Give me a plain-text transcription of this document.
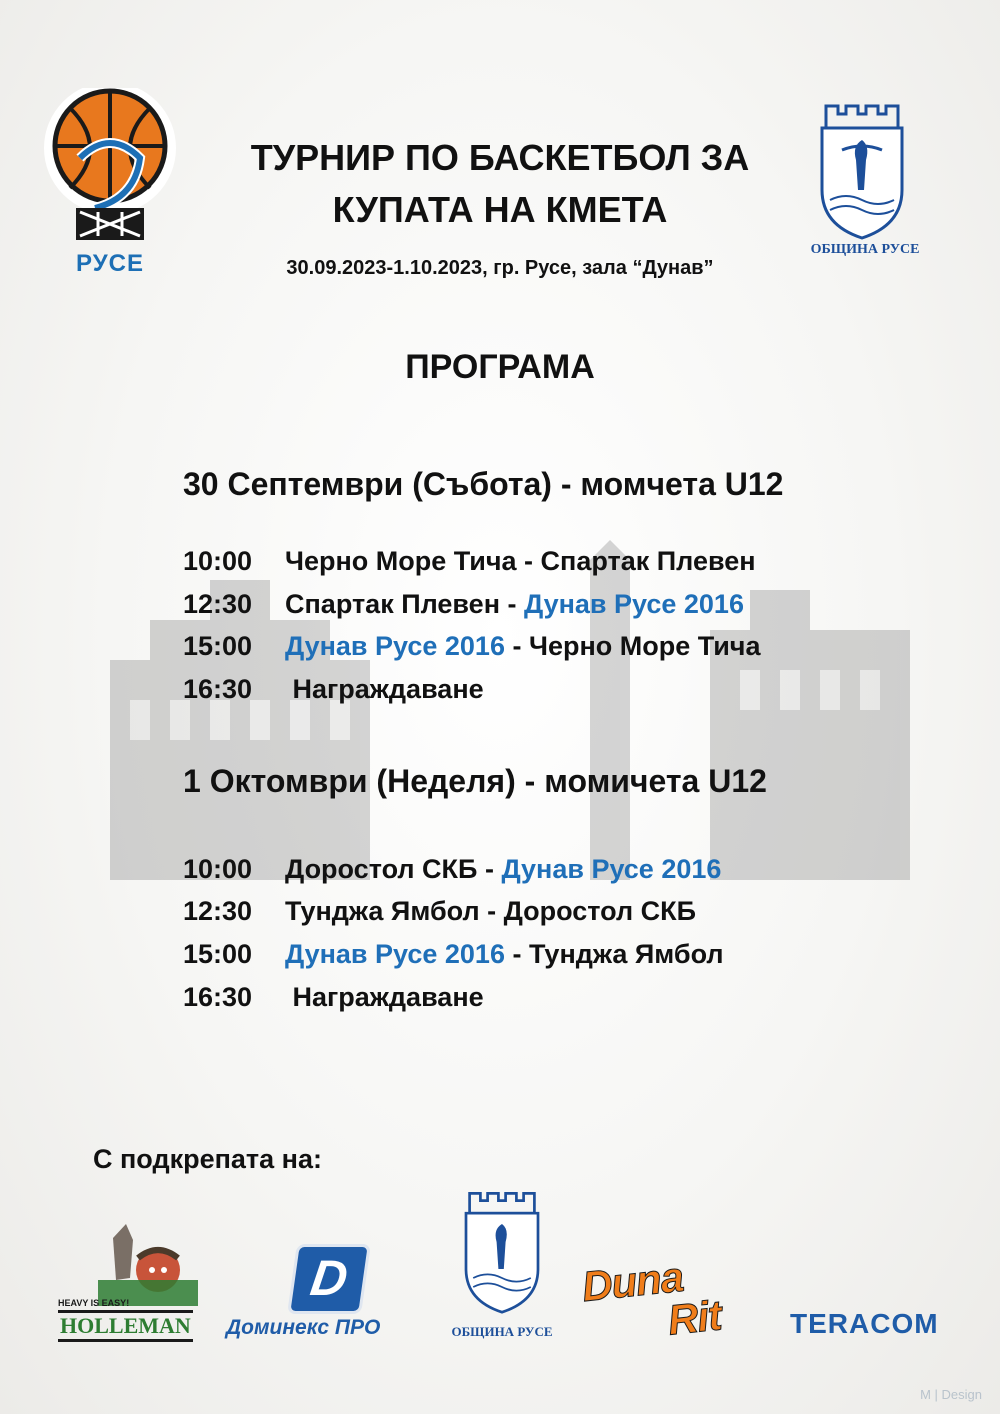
РУСЕ
ОБЩИНА РУСЕ
ТУРНИР ПО БАСКЕТБОЛ ЗА
КУПАТА НА КМЕТА
30.09.2023-1.10.2023, гр. Русе, зала “Дунав”
ПРОГРАМА
30 Септември (Събота) - момчета U12
10:00 Черно Море Тича - Спартак Плевен
12:30 Спартак Плевен - Дунав Русе 2016
15:00 Дунав Русе 2016 - Черно Море Тича
16:30 Награждаване
1 Октомври (Неделя) - момичета U12
10:00 Доростол СКБ - Дунав Русе 2016
12:30 Тунджа Ямбол - Доростол СКБ
15:00 Дунав Русе 2016 - Тунджа Ямбол
16:30 Награждаване
С подкрепата на:
HEAVY IS EASY!
HOLLEMAN
D
Доминекс ПРО	ОБЩИНА РУСЕ
Duna
Rit TERACOM
M | Design
